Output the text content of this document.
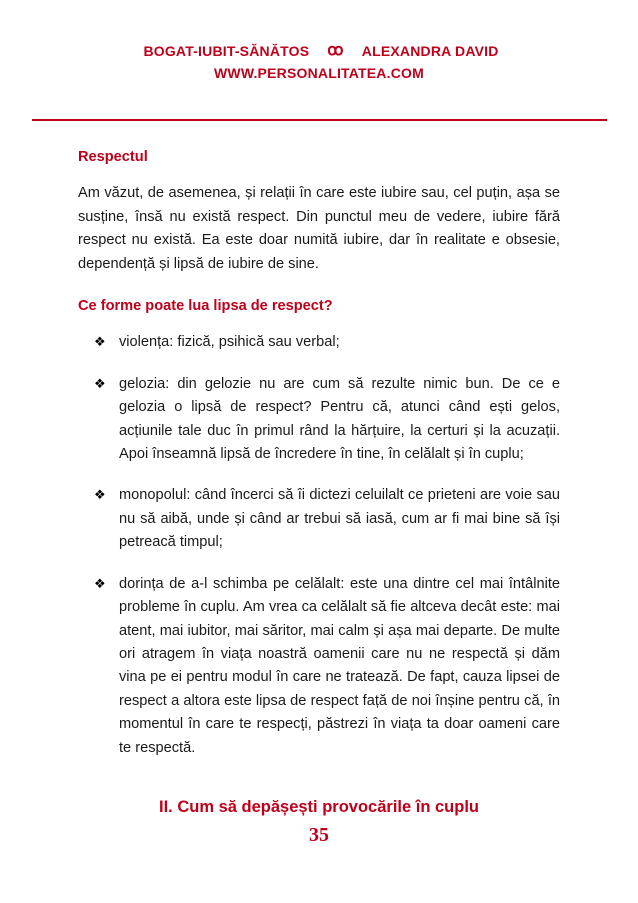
BOGAT-IUBIT-SĂNĂTOS ꝏ ALEXANDRA DAVID
WWW.PERSONALITATEA.COM
Respectul

Am văzut, de asemenea, și relații în care este iubire sau, cel puțin, așa se susține, însă nu există respect. Din punctul meu de vedere, iubire fără respect nu există. Ea este doar numită iubire, dar în realitate e obsesie, dependență și lipsă de iubire de sine.

Ce forme poate lua lipsa de respect?
❖ violența: fizică, psihică sau verbal;
❖ gelozia: din gelozie nu are cum să rezulte nimic bun. De ce e gelozia o lipsă de respect? Pentru că, atunci când ești gelos, acțiunile tale duc în primul rând la hărțuire, la certuri și la acuzații. Apoi înseamnă lipsă de încredere în tine, în celălalt și în cuplu;
❖ monopolul: când încerci să îi dictezi celuilalt ce prieteni are voie sau nu să aibă, unde și când ar trebui să iasă, cum ar fi mai bine să își petreacă timpul;
❖ dorința de a-l schimba pe celălalt: este una dintre cel mai întâlnite probleme în cuplu. Am vrea ca celălalt să fie altceva decât este: mai atent, mai iubitor, mai săritor, mai calm și așa mai departe. De multe ori atragem în viața noastră oamenii care nu ne respectă și dăm vina pe ei pentru modul în care ne tratează. De fapt, cauza lipsei de respect a altora este lipsa de respect față de noi înșine pentru că, în momentul în care te respecți, păstrezi în viața ta doar oameni care te respectă.
II. Cum să depășești provocările în cuplu
35
